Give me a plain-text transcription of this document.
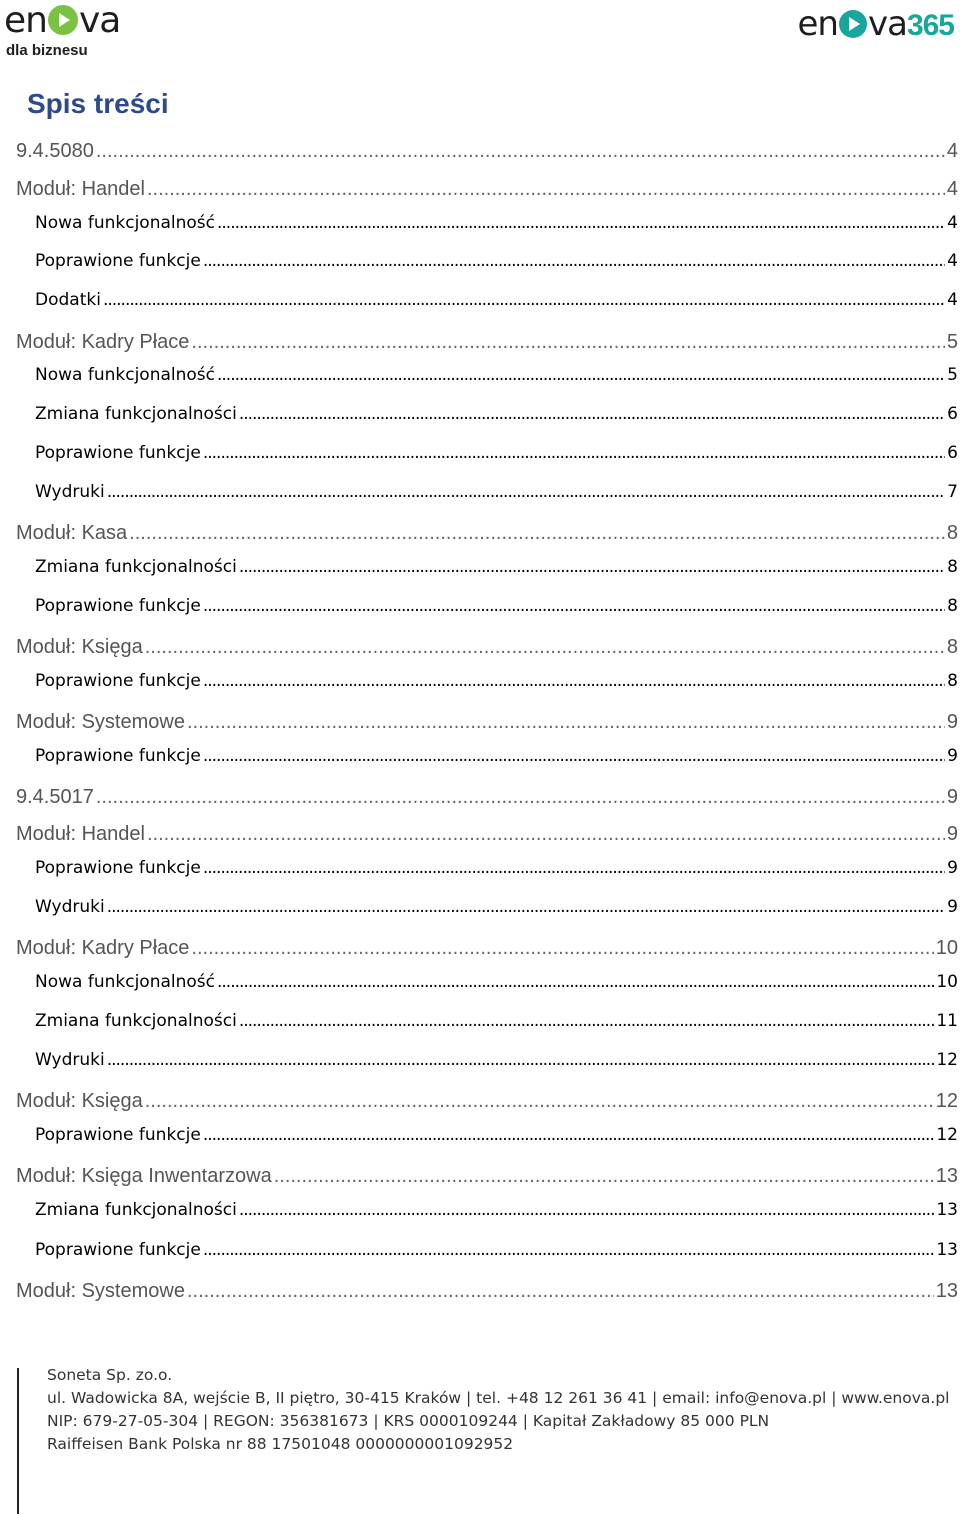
en va
dla biznesu
en va365
Spis treści
9.4.5080 .....	4
Moduł: Handel .....	4
Nowa funkcjonalność .....	4
Poprawione funkcje .....	4
Dodatki .....	4
Moduł: Kadry Płace .....	5
Nowa funkcjonalność .....	5
Zmiana funkcjonalności .....	6
Poprawione funkcje .....	6
Wydruki .....	7
Moduł: Kasa .....	8
Zmiana funkcjonalności .....	8
Poprawione funkcje .....	8
Moduł: Księga .....	8
Poprawione funkcje .....	8
Moduł: Systemowe .....	9
Poprawione funkcje .....	9
9.4.5017 .....	9
Moduł: Handel .....	9
Poprawione funkcje .....	9
Wydruki .....	9
Moduł: Kadry Płace .....	10
Nowa funkcjonalność .....	10
Zmiana funkcjonalności .....	11
Wydruki .....	12
Moduł: Księga .....	12
Poprawione funkcje .....	12
Moduł: Księga Inwentarzowa .....	13
Zmiana funkcjonalności .....	13
Poprawione funkcje .....	13
Moduł: Systemowe .....	13
Soneta Sp. zo.o.
ul. Wadowicka 8A, wejście B, II piętro, 30-415 Kraków | tel. +48 12 261 36 41 | email: info@enova.pl | www.enova.pl
NIP: 679-27-05-304 | REGON: 356381673 | KRS 0000109244 | Kapitał Zakładowy 85 000 PLN
Raiffeisen Bank Polska nr 88 17501048 0000000001092952
